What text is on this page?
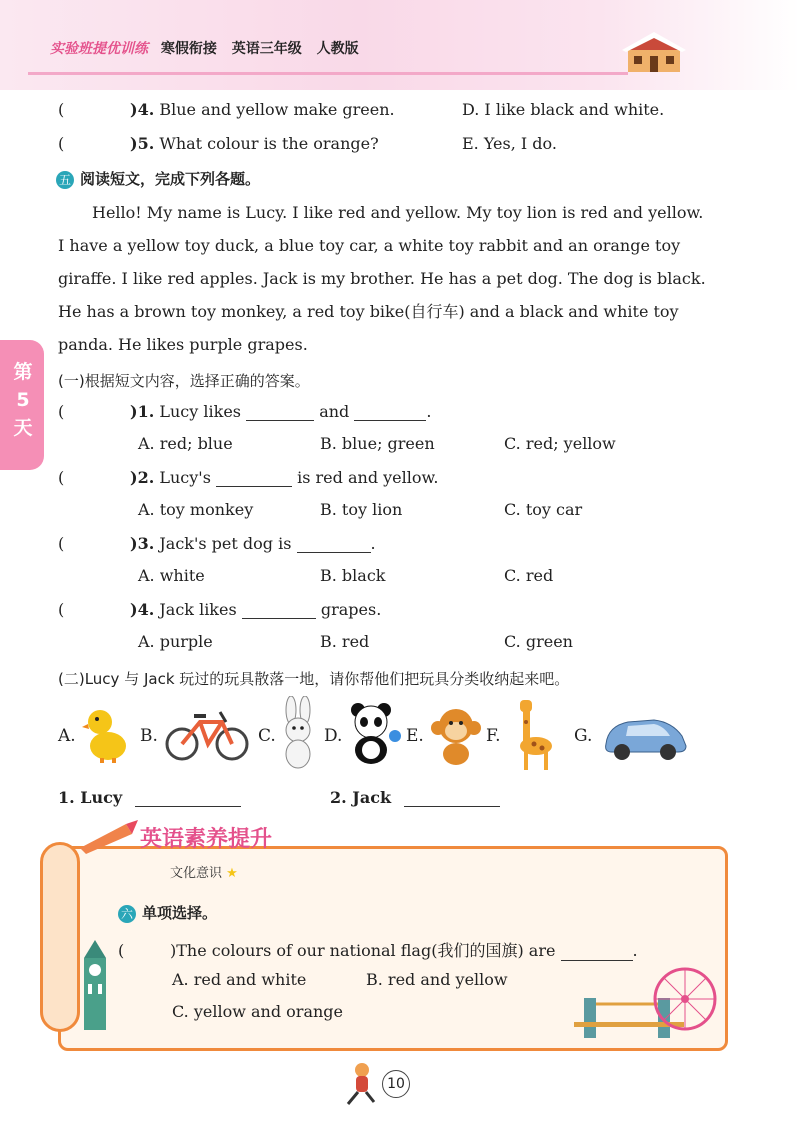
实验班提优训练 寒假衔接 英语三年级 人教版
第5天
(	)4. Blue and yellow make green.	D. I like black and white.
(	)5. What colour is the orange?	E. Yes, I do.
五 阅读短文，完成下列各题。
Hello! My name is Lucy. I like red and yellow. My toy lion is red and yellow.
I have a yellow toy duck, a blue toy car, a white toy rabbit and an orange toy
giraffe. I like red apples. Jack is my brother. He has a pet dog. The dog is black.
He has a brown toy monkey, a red toy bike(自行车) and a black and white toy
panda. He likes purple grapes.
(一)根据短文内容，选择正确的答案。
(	)1. Lucy likes	and	.
A. red; blue	B. blue; green	C. red; yellow
(	)2. Lucy's	is red and yellow.
A. toy monkey	B. toy lion	C. toy car
(	)3. Jack's pet dog is	.
A. white	B. black	C. red
(	)4. Jack likes	grapes.
A. purple	B. red	C. green
(二)Lucy 与 Jack 玩过的玩具散落一地，请你帮他们把玩具分类收纳起来吧。
A.	B.	C.	D.	E.	F.	G.
1. Lucy	2. Jack
英语素养提升
文化意识 ★
六 单项选择。
(	)The colours of our national flag(我们的国旗) are	.
A. red and white	B. red and yellow
C. yellow and orange
10
